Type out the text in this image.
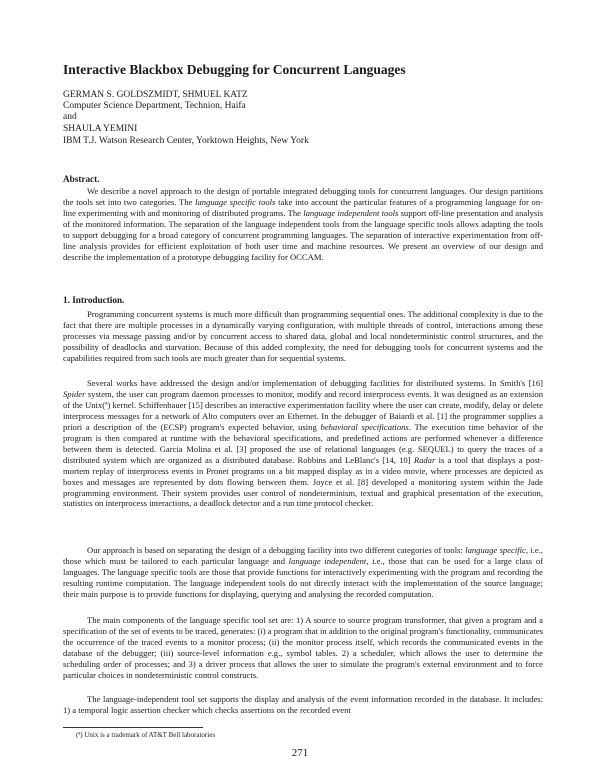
Interactive Blackbox Debugging for Concurrent Languages
GERMAN S. GOLDSZMIDT, SHMUEL KATZ
Computer Science Department, Technion, Haifa
and
SHAULA YEMINI
IBM T.J. Watson Research Center, Yorktown Heights, New York
Abstract.

We describe a novel approach to the design of portable integrated debugging tools for concurrent languages. Our design partitions the tools set into two categories. The language specific tools take into account the particular features of a programming language for on-line experimenting with and monitoring of distributed programs. The language independent tools support off-line presentation and analysis of the monitored information. The separation of the language independent tools from the language specific tools allows adapting the tools to support debugging for a broad category of concurrent programming languages. The separation of interactive experimentation from off-line analysis provides for efficient exploitation of both user time and machine resources. We present an overview of our design and describe the implementation of a prototype debugging facility for OCCAM.

1. Introduction.

Programming concurrent systems is much more difficult than programming sequential ones. The additional complexity is due to the fact that there are multiple processes in a dynamically varying configuration, with multiple threads of control, interactions among these processes via message passing and/or by concurrent access to shared data, global and local nondeterministic control structures, and the possibility of deadlocks and starvation. Because of this added complexity, the need for debugging tools for concurrent systems and the capabilities required from such tools are much greater than for sequential systems.

Several works have addressed the design and/or implementation of debugging facilities for distributed systems. In Smith's [16] Spider system, the user can program daemon processes to monitor, modify and record interprocess events. It was designed as an extension of the Unix(ª) kernel. Schiffenbauer [15] describes an interactive experimentation facility where the user can create, modify, delay or delete interprocess messages for a network of Alto computers over an Ethernet. In the debugger of Baiardi et al. [1] the programmer supplies a priori a description of the (ECSP) program's expected behavior, using behavioral specifications. The execution time behavior of the program is then compared at runtime with the behavioral specifications, and predefined actions are performed whenever a difference between them is detected. Garcia Molina et al. [3] proposed the use of relational languages (e.g. SEQUEL) to query the traces of a distributed system which are organized as a distributed database. Robbins and LeBlanc's [14, 10] Radar is a tool that displays a post-mortem replay of interprocess events in Pronet programs on a bit mapped display as in a video movie, where processes are depicted as boxes and messages are represented by dots flowing between them. Joyce et al. [8] developed a monitoring system within the Jade programming environment. Their system provides user control of nondeterminism, textual and graphical presentation of the execution, statistics on interprocess interactions, a deadlock detector and a run time protocol checker.

Our approach is based on separating the design of a debugging facility into two different categories of tools: language specific, i.e., those which must be tailored to each particular language and language independent, i.e., those that can be used for a large class of languages. The language specific tools are those that provide functions for interactively experimenting with the program and recording the resulting runtime computation. The language independent tools do not directly interact with the implementation of the source language; their main purpose is to provide functions for displaying, querying and analysing the recorded computation.

The main components of the language specific tool set are: 1) A source to source program transformer, that given a program and a specification of the set of events to be traced, generates: (i) a program that in addition to the original program's functionality, communicates the occurrence of the traced events to a monitor process; (ii) the monitor process itself, which records the communicated events in the database of the debugger; (iii) source-level information e.g., symbol tables. 2) a scheduler, which allows the user to determine the scheduling order of processes; and 3) a driver process that allows the user to simulate the program's external environment and to force particular choices in nondeterministic control constructs.

The language-independent tool set supports the display and analysis of the event information recorded in the database. It includes: 1) a temporal logic assertion checker which checks assertions on the recorded event

(ª) Unix is a trademark of AT&T Bell laboratories
271
